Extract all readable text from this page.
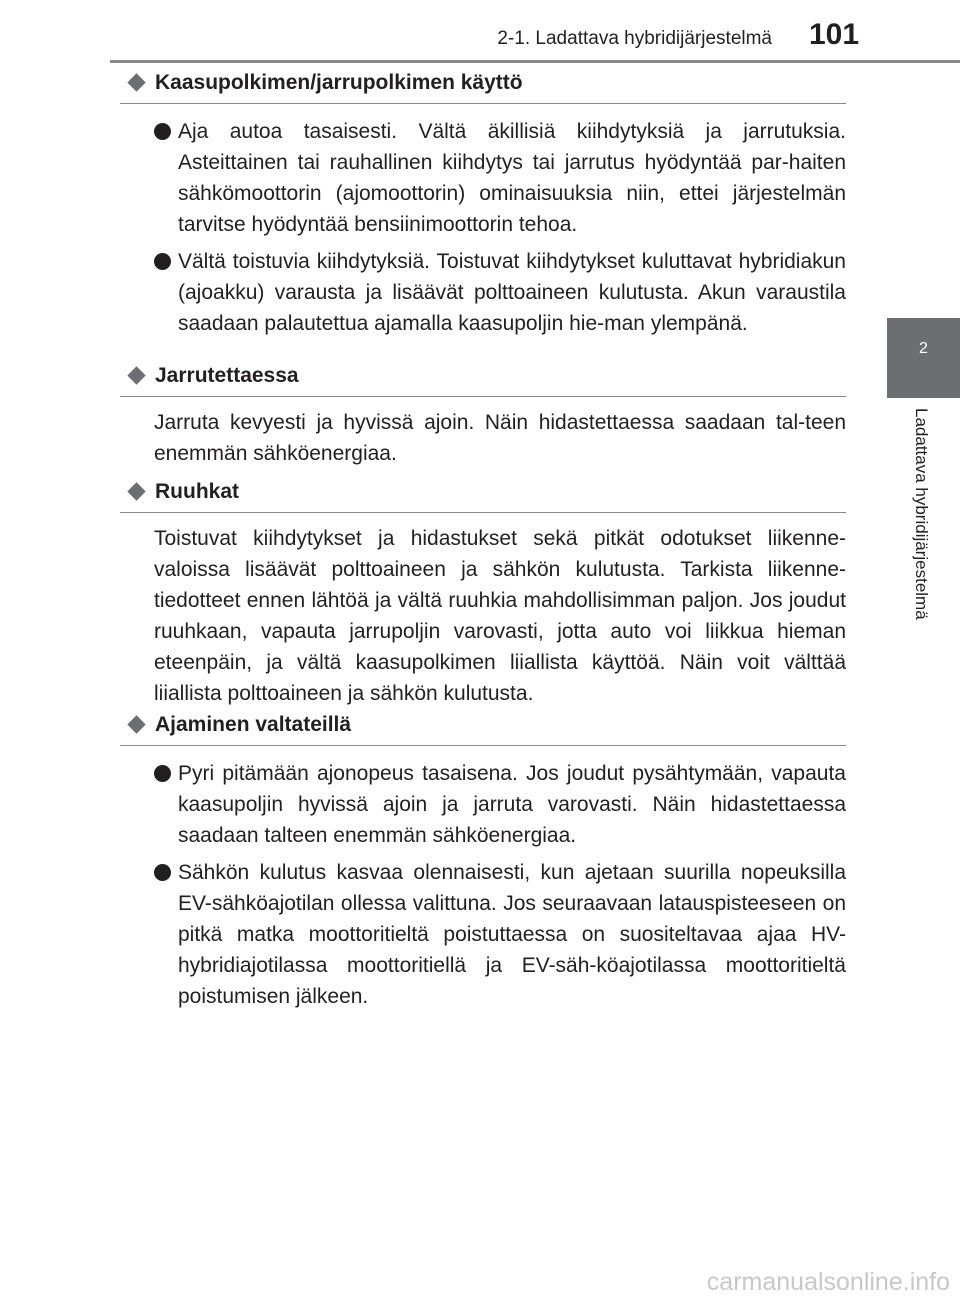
2-1. Ladattava hybridijärjestelmä	101
2
Ladattava hybridijärjestelmä
Kaasupolkimen/jarrupolkimen käyttö
Aja autoa tasaisesti. Vältä äkillisiä kiihdytyksiä ja jarrutuksia. Asteittainen tai rauhallinen kiihdytys tai jarrutus hyödyntää par-haiten sähkömoottorin (ajomoottorin) ominaisuuksia niin, ettei järjestelmän tarvitse hyödyntää bensiinimoottorin tehoa.
Vältä toistuvia kiihdytyksiä. Toistuvat kiihdytykset kuluttavat hybridiakun (ajoakku) varausta ja lisäävät polttoaineen kulutusta. Akun varaustila saadaan palautettua ajamalla kaasupoljin hie-man ylempänä.
Jarrutettaessa
Jarruta kevyesti ja hyvissä ajoin. Näin hidastettaessa saadaan tal-teen enemmän sähköenergiaa.
Ruuhkat
Toistuvat kiihdytykset ja hidastukset sekä pitkät odotukset liikenne-valoissa lisäävät polttoaineen ja sähkön kulutusta. Tarkista liikenne-tiedotteet ennen lähtöä ja vältä ruuhkia mahdollisimman paljon. Jos joudut ruuhkaan, vapauta jarrupoljin varovasti, jotta auto voi liikkua hieman eteenpäin, ja vältä kaasupolkimen liiallista käyttöä. Näin voit välttää liiallista polttoaineen ja sähkön kulutusta.
Ajaminen valtateillä
Pyri pitämään ajonopeus tasaisena. Jos joudut pysähtymään, vapauta kaasupoljin hyvissä ajoin ja jarruta varovasti. Näin hidastettaessa saadaan talteen enemmän sähköenergiaa.
Sähkön kulutus kasvaa olennaisesti, kun ajetaan suurilla nopeuksilla EV-sähköajotilan ollessa valittuna. Jos seuraavaan latauspisteeseen on pitkä matka moottoritieltä poistuttaessa on suositeltavaa ajaa HV-hybridiajotilassa moottoritiellä ja EV-säh-köajotilassa moottoritieltä poistumisen jälkeen.
carmanualsonline.info
